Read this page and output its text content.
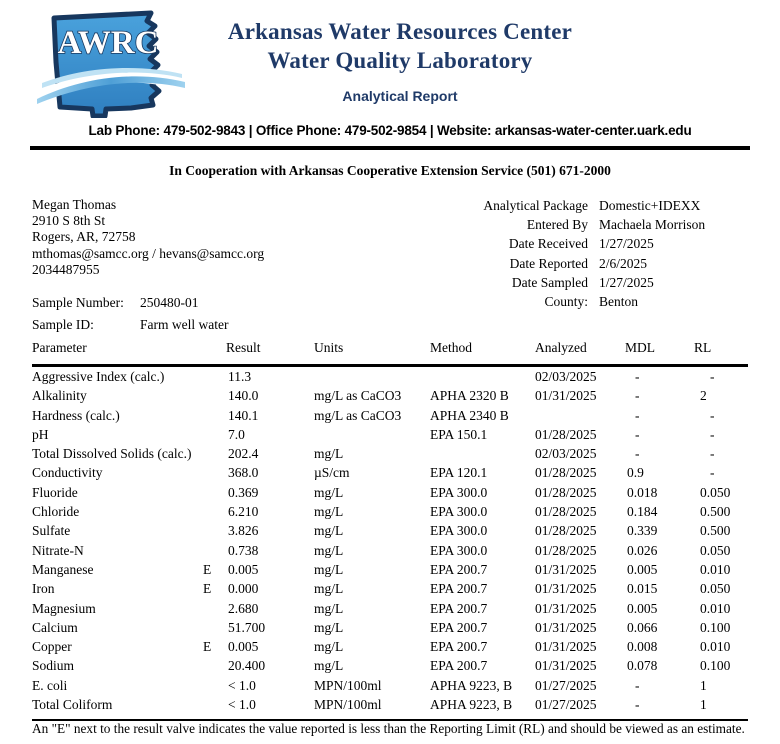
AWRC	Arkansas Water Resources Center
Water Quality Laboratory
Analytical Report
Lab Phone: 479-502-9843 | Office Phone: 479-502-9854 | Website: arkansas-water-center.uark.edu
In Cooperation with Arkansas Cooperative Extension Service (501) 671-2000
Megan Thomas
2910 S 8th St
Rogers, AR, 72758
mthomas@samcc.org / hevans@samcc.org
2034487955
Analytical Package Domestic+IDEXX
Entered By Machaela Morrison
Date Received 1/27/2025
Date Reported 2/6/2025
Date Sampled 1/27/2025
County: Benton
Sample Number:	250480-01
Sample ID:	Farm well water
Parameter		Result	Units	Method	Analyzed	MDL	RL
Aggressive Index (calc.)		11.3			02/03/2025	-	-
Alkalinity		140.0	mg/L as CaCO3	APHA 2320 B	01/31/2025	-	2
Hardness (calc.)		140.1	mg/L as CaCO3	APHA 2340 B		-	-
pH		7.0		EPA 150.1	01/28/2025	-	-
Total Dissolved Solids (calc.)		202.4	mg/L		02/03/2025	-	-
Conductivity		368.0	µS/cm	EPA 120.1	01/28/2025	0.9	-
Fluoride		0.369	mg/L	EPA 300.0	01/28/2025	0.018	0.050
Chloride		6.210	mg/L	EPA 300.0	01/28/2025	0.184	0.500
Sulfate		3.826	mg/L	EPA 300.0	01/28/2025	0.339	0.500
Nitrate-N		0.738	mg/L	EPA 300.0	01/28/2025	0.026	0.050
Manganese	E	0.005	mg/L	EPA 200.7	01/31/2025	0.005	0.010
Iron	E	0.000	mg/L	EPA 200.7	01/31/2025	0.015	0.050
Magnesium		2.680	mg/L	EPA 200.7	01/31/2025	0.005	0.010
Calcium		51.700	mg/L	EPA 200.7	01/31/2025	0.066	0.100
Copper	E	0.005	mg/L	EPA 200.7	01/31/2025	0.008	0.010
Sodium		20.400	mg/L	EPA 200.7	01/31/2025	0.078	0.100
E. coli		< 1.0	MPN/100ml	APHA 9223, B	01/27/2025	-	1
Total Coliform		< 1.0	MPN/100ml	APHA 9223, B	01/27/2025	-	1
An "E" next to the result valve indicates the value reported is less than the Reporting Limit (RL) and should be viewed as an estimate.
